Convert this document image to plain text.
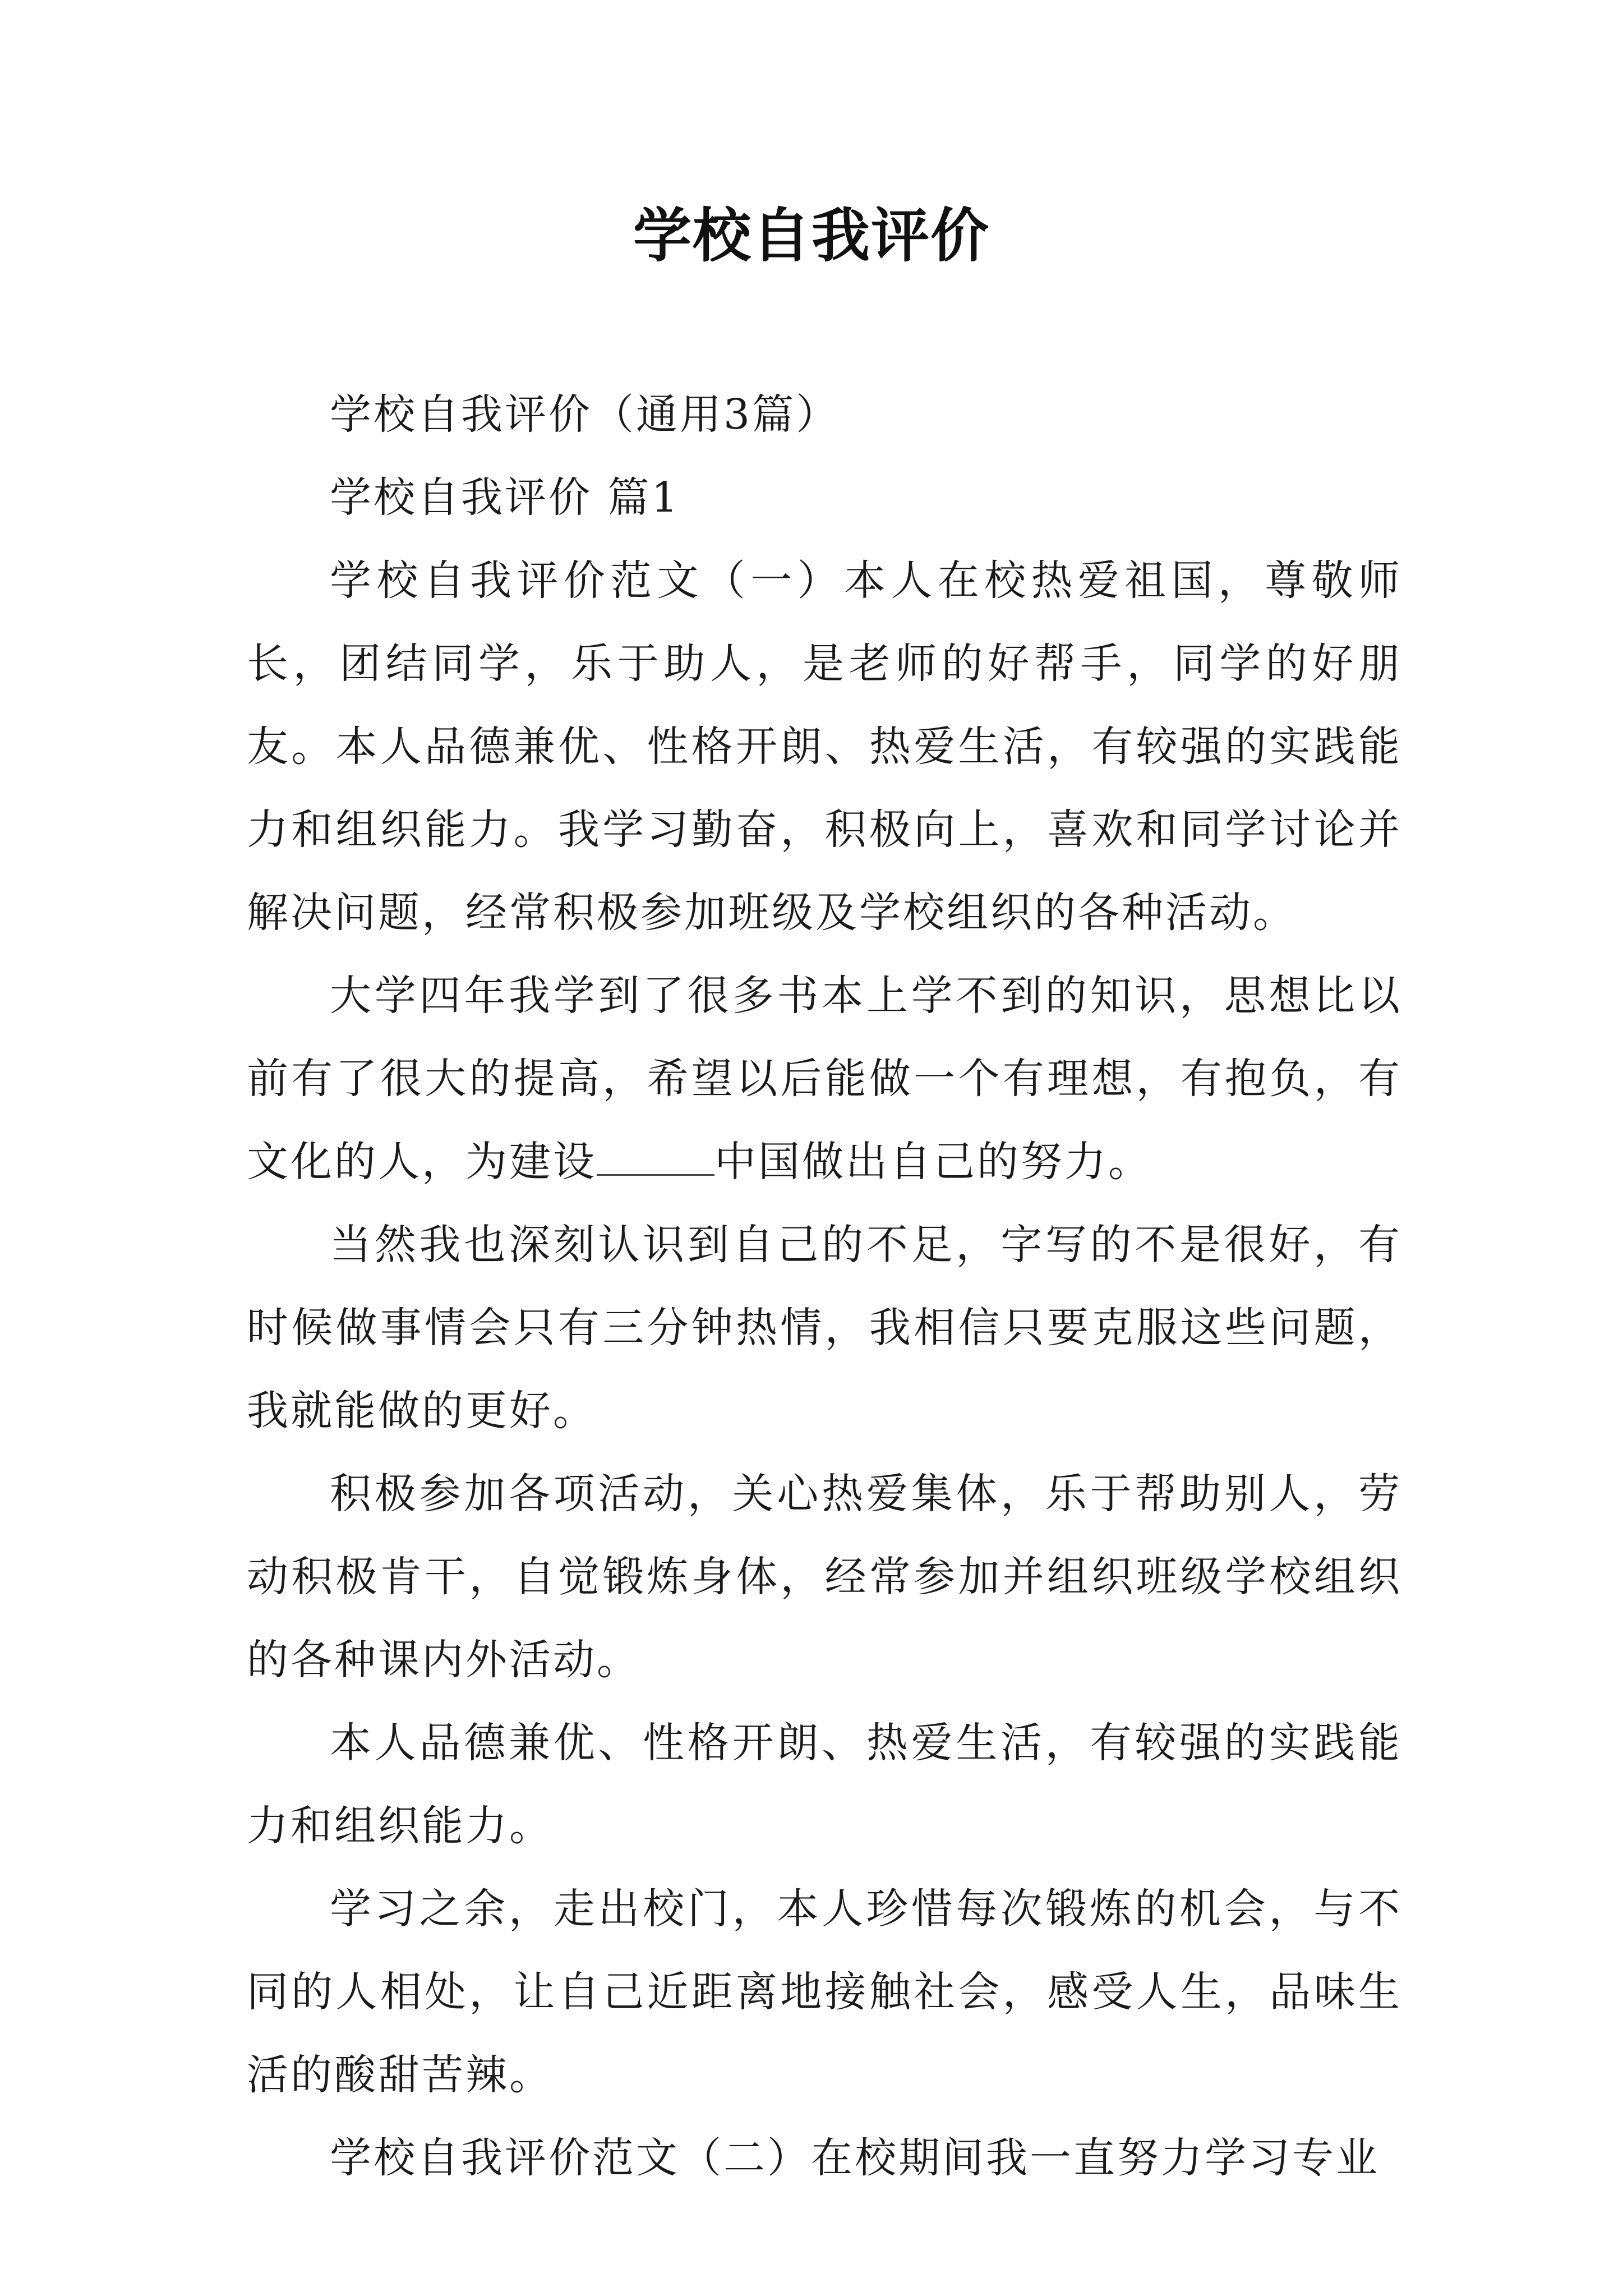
学校自我评价

学校自我评价（通用3篇）

学校自我评价 篇1

学校自我评价范文（一）本人在校热爱祖国，尊敬师长，团结同学，乐于助人，是老师的好帮手，同学的好朋友。本人品德兼优、性格开朗、热爱生活，有较强的实践能力和组织能力。我学习勤奋，积极向上，喜欢和同学讨论并解决问题，经常积极参加班级及学校组织的各种活动。

大学四年我学到了很多书本上学不到的知识，思想比以前有了很大的提高，希望以后能做一个有理想，有抱负，有文化的人，为建设	中国做出自己的努力。

当然我也深刻认识到自己的不足，字写的不是很好，有时候做事情会只有三分钟热情，我相信只要克服这些问题，我就能做的更好。

积极参加各项活动，关心热爱集体，乐于帮助别人，劳动积极肯干，自觉锻炼身体，经常参加并组织班级学校组织的各种课内外活动。

本人品德兼优、性格开朗、热爱生活，有较强的实践能力和组织能力。

学习之余，走出校门，本人珍惜每次锻炼的机会，与不同的人相处，让自己近距离地接触社会，感受人生，品味生活的酸甜苦辣。

学校自我评价范文（二）在校期间我一直努力学习专业
